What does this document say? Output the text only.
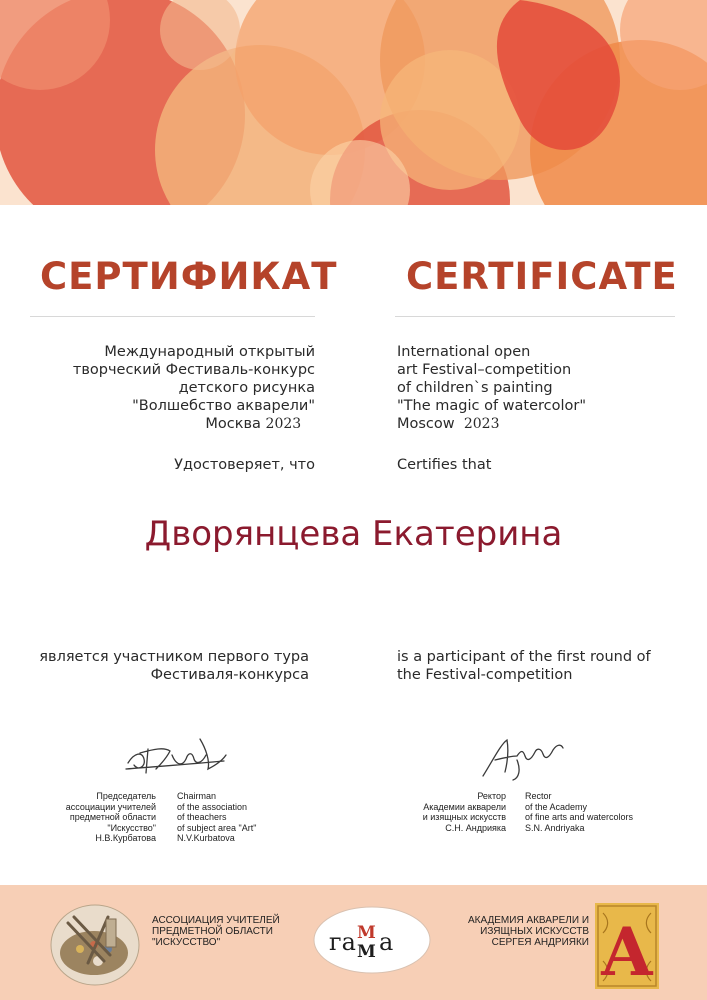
СЕРТИФИКАТ CERTIFICATE
Международный открытый
творческий Фестиваль-конкурс
детского рисунка
"Волшебство акварели"
Москва 2023
International open
art Festival–competition
of children`s painting
"The magic of watercolor"
Moscow 2023
Удостоверяет, что	Certifies that
Дворянцева Екатерина
является участником первого тура
Фестиваля-конкурса
is a participant of the first round of
the Festival-competition
Председатель
ассоциации учителей
предметной области
"Искусство"
Н.В.Курбатова
Chairman
of the association
of theachers
of subject area "Art"
N.V.Kurbatova
Ректор
Академии акварели
и изящных искусств
С.Н. Андрияка
Rector
of the Academy
of fine arts and watercolors
S.N. Andriyaka
АССОЦИАЦИЯ УЧИТЕЛЕЙ
ПРЕДМЕТНОЙ ОБЛАСТИ
"ИСКУССТВО"	га М
М а
АКАДЕМИЯ АКВАРЕЛИ И
ИЗЯЩНЫХ ИСКУССТВ
СЕРГЕЯ АНДРИЯКИ А
